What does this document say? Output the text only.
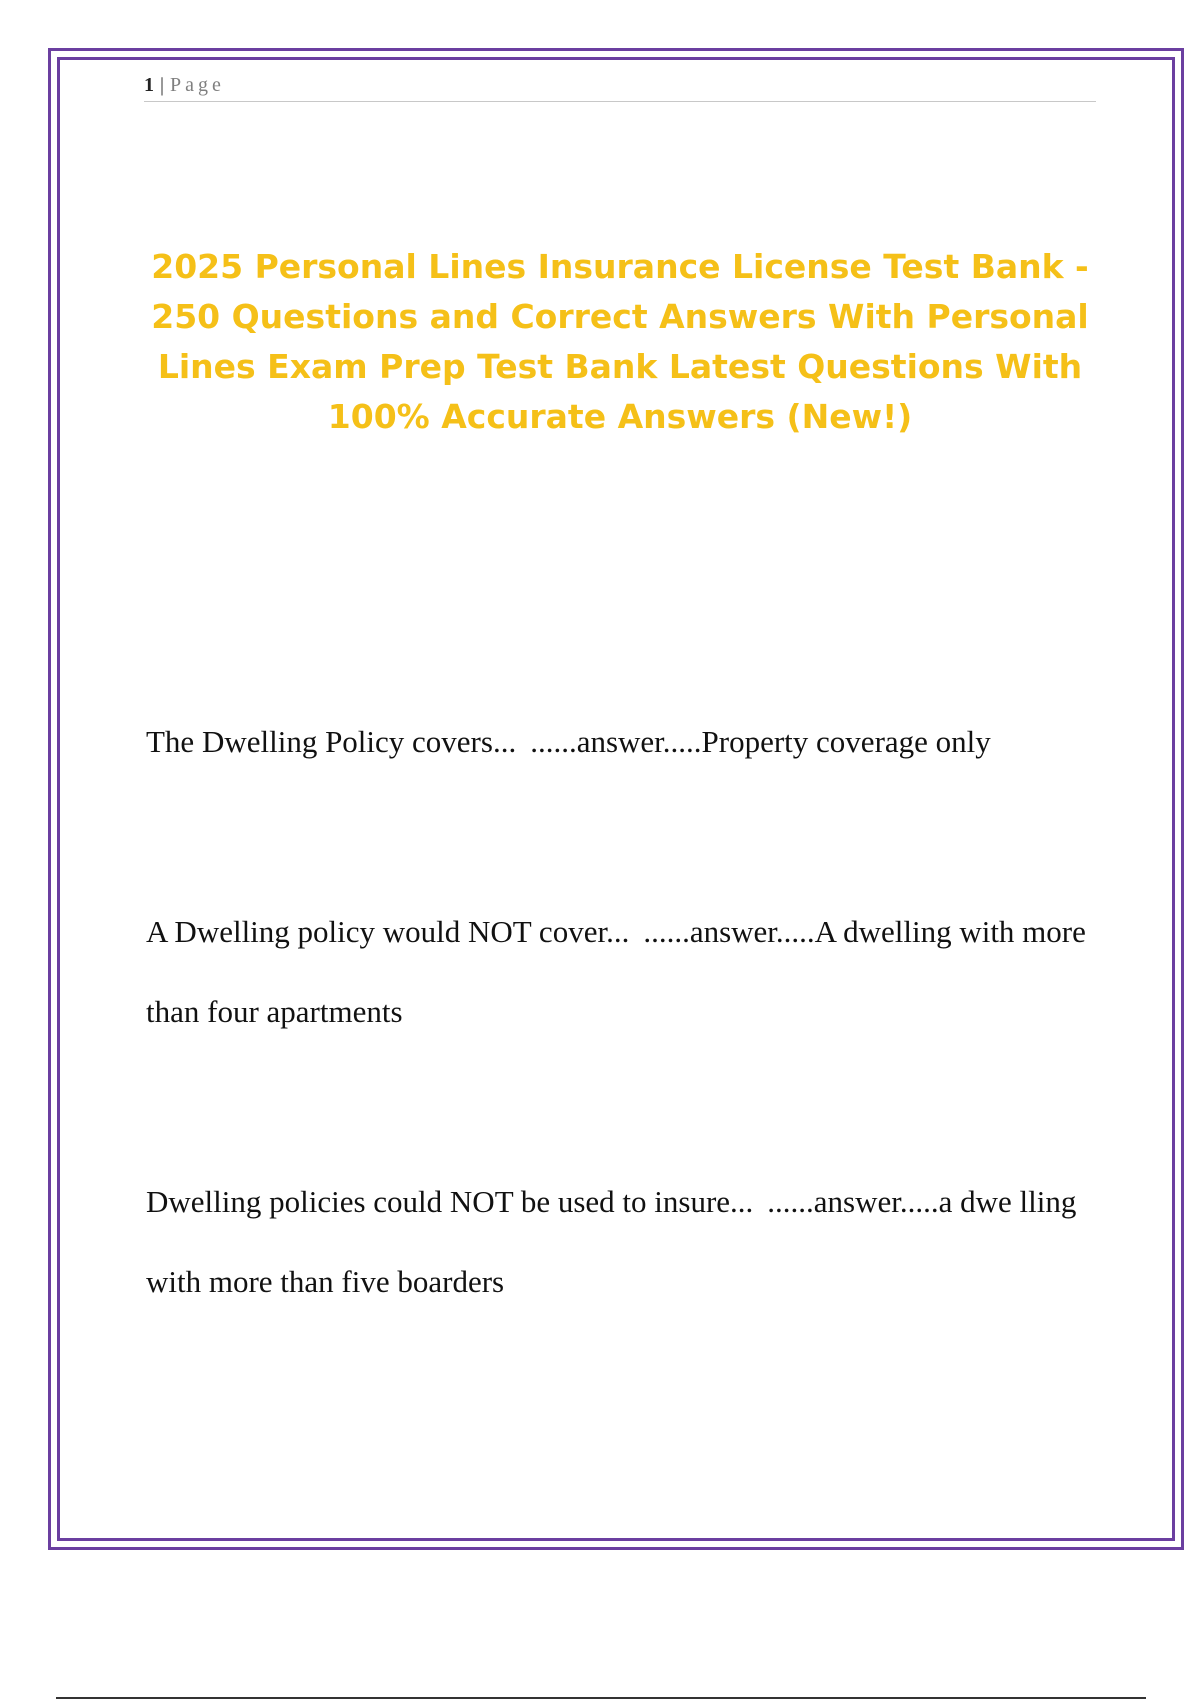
1 | Page
2025 Personal Lines Insurance License Test Bank - 250 Questions and Correct Answers With Personal Lines Exam Prep Test Bank Latest Questions With 100% Accurate Answers (New!)

The Dwelling Policy covers... ......answer.....Property coverage only

A Dwelling policy would NOT cover... ......answer.....A dwelling with more than four apartments

Dwelling policies could NOT be used to insure... ......answer.....a dwe lling with more than five boarders
